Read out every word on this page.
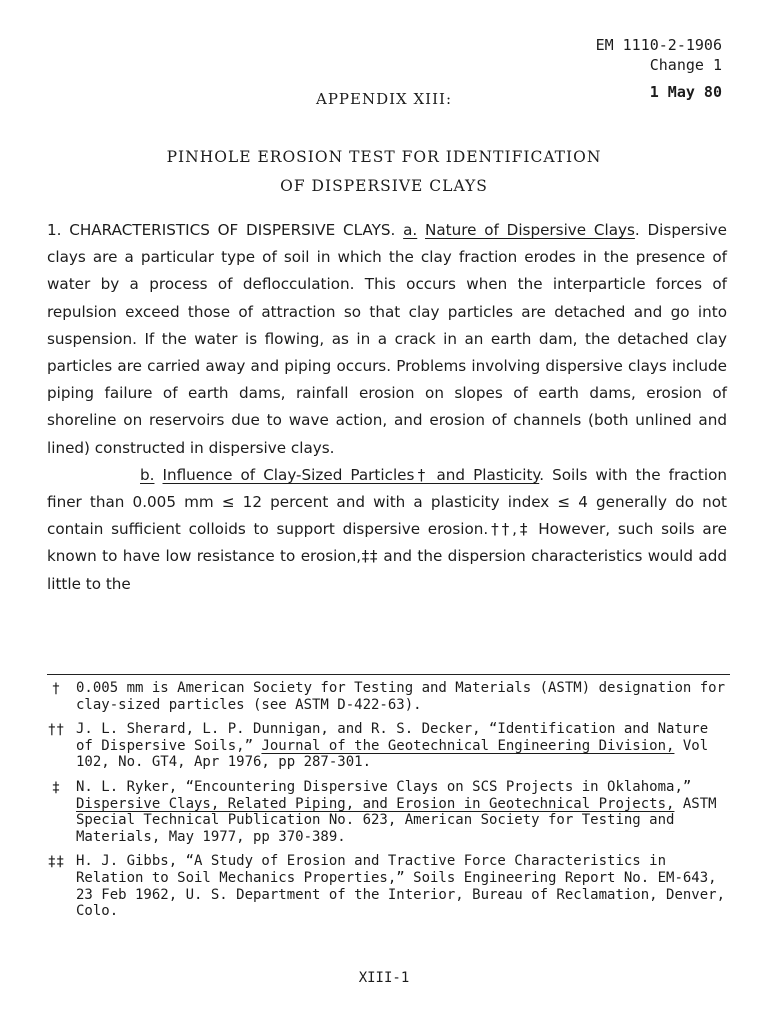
EM 1110-2-1906
Change 1
1 May 80
APPENDIX XIII:
PINHOLE EROSION TEST FOR IDENTIFICATION
OF DISPERSIVE CLAYS

1. CHARACTERISTICS OF DISPERSIVE CLAYS. a. Nature of Dispersive Clays. Dispersive clays are a particular type of soil in which the clay fraction erodes in the presence of water by a process of deflocculation. This occurs when the interparticle forces of repulsion exceed those of attraction so that clay particles are detached and go into suspension. If the water is flowing, as in a crack in an earth dam, the detached clay particles are carried away and piping occurs. Problems involving dispersive clays include piping failure of earth dams, rainfall erosion on slopes of earth dams, erosion of shoreline on reservoirs due to wave action, and erosion of channels (both unlined and lined) constructed in dispersive clays.

b. Influence of Clay-Sized Particles† and Plasticity. Soils with the fraction finer than 0.005 mm ≤ 12 percent and with a plasticity index ≤ 4 generally do not contain sufficient colloids to support dispersive erosion.††,‡ However, such soils are known to have low resistance to erosion,‡‡ and the dispersion characteristics would add little to the

†	0.005 mm is American Society for Testing and Materials (ASTM) designation for clay-sized particles (see ASTM D-422-63).
†† J. L. Sherard, L. P. Dunnigan, and R. S. Decker, “Identification and Nature of Dispersive Soils,” Journal of the Geotechnical Engineering Division, Vol 102, No. GT4, Apr 1976, pp 287-301.
‡	N. L. Ryker, “Encountering Dispersive Clays on SCS Projects in Oklahoma,” Dispersive Clays, Related Piping, and Erosion in Geotechnical Projects, ASTM Special Technical Publication No. 623, American Society for Testing and Materials, May 1977, pp 370-389.
‡‡ H. J. Gibbs, “A Study of Erosion and Tractive Force Characteristics in Relation to Soil Mechanics Properties,” Soils Engineering Report No. EM-643, 23 Feb 1962, U. S. Department of the Interior, Bureau of Reclamation, Denver, Colo.
XIII-1
